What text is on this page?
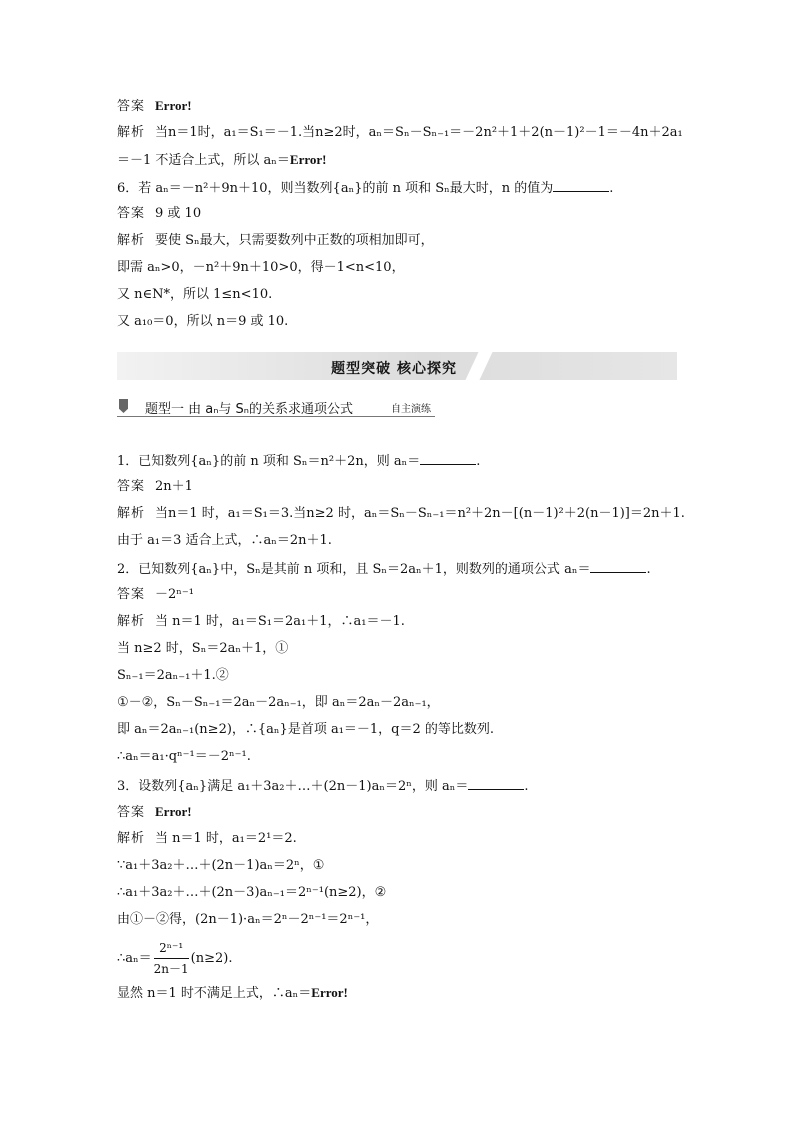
答案 Error!
解析 当n＝1时，a₁＝S₁＝－1.当n≥2时，aₙ＝Sₙ－Sₙ₋₁＝－2n²＋1＋2(n－1)²－1＝－4n＋2a₁
＝－1 不适合上式，所以 aₙ＝Error!
6．若 aₙ＝－n²＋9n＋10，则当数列{aₙ}的前 n 项和 Sₙ最大时，n 的值为	.
答案 9 或 10
解析 要使 Sₙ最大，只需要数列中正数的项相加即可，
即需 aₙ>0，－n²＋9n＋10>0，得－1<n<10，
又 n∈N*，所以 1≤n<10.
又 a₁₀＝0，所以 n＝9 或 10.
题型突破 核心探究
题型一 由 aₙ与 Sₙ的关系求通项公式	自主演练
1．已知数列{aₙ}的前 n 项和 Sₙ＝n²＋2n，则 aₙ＝	.
答案 2n＋1
解析 当n＝1 时，a₁＝S₁＝3.当n≥2 时，aₙ＝Sₙ－Sₙ₋₁＝n²＋2n－[(n－1)²＋2(n－1)]＝2n＋1.
由于 a₁＝3 适合上式，∴aₙ＝2n＋1.
2．已知数列{aₙ}中，Sₙ是其前 n 项和，且 Sₙ＝2aₙ＋1，则数列的通项公式 aₙ＝	.
答案 －2ⁿ⁻¹
解析 当 n＝1 时，a₁＝S₁＝2a₁＋1，∴a₁＝－1.
当 n≥2 时，Sₙ＝2aₙ＋1，①
Sₙ₋₁＝2aₙ₋₁＋1.②
①－②，Sₙ－Sₙ₋₁＝2aₙ－2aₙ₋₁，即 aₙ＝2aₙ－2aₙ₋₁，
即 aₙ＝2aₙ₋₁(n≥2)，∴{aₙ}是首项 a₁＝－1，q＝2 的等比数列.
∴aₙ＝a₁·qⁿ⁻¹＝－2ⁿ⁻¹.
3．设数列{aₙ}满足 a₁＋3a₂＋…＋(2n－1)aₙ＝2ⁿ，则 aₙ＝	.
答案 Error!
解析 当 n＝1 时，a₁＝2¹＝2.
∵a₁＋3a₂＋…＋(2n－1)aₙ＝2ⁿ，①
∴a₁＋3a₂＋…＋(2n－3)aₙ₋₁＝2ⁿ⁻¹(n≥2)，②
由①－②得，(2n－1)·aₙ＝2ⁿ－2ⁿ⁻¹＝2ⁿ⁻¹，
∴aₙ＝ $\frac{\text{2ⁿ⁻¹}}{2n-1} (n\ge 2)$.
显然 n＝1 时不满足上式，∴aₙ＝Error!
